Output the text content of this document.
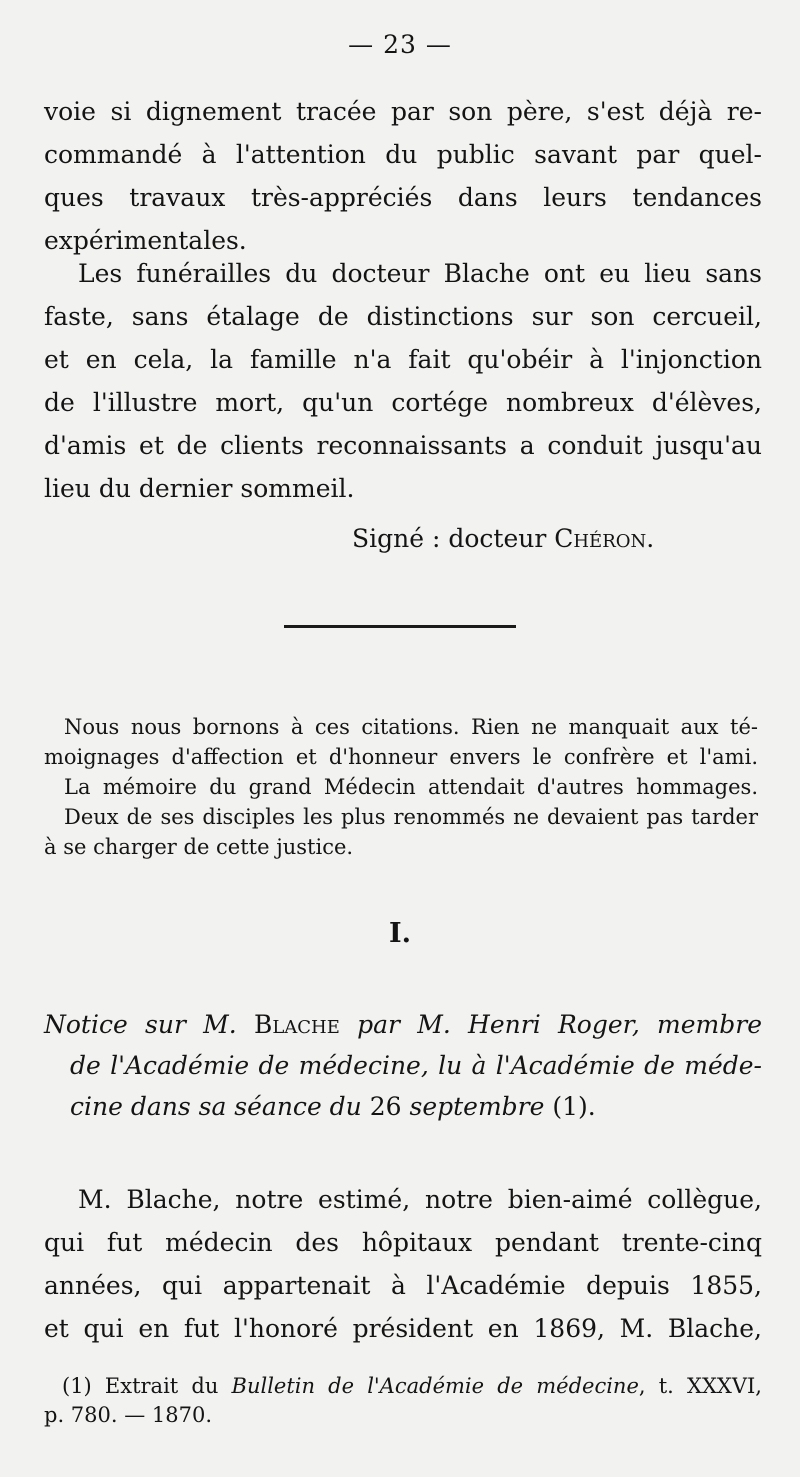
— 23 —
voie si dignement tracée par son père, s'est déjà re-
commandé à l'attention du public savant par quel-
ques travaux très-appréciés dans leurs tendances
expérimentales.
Les funérailles du docteur Blache ont eu lieu sans
faste, sans étalage de distinctions sur son cercueil,
et en cela, la famille n'a fait qu'obéir à l'injonction
de l'illustre mort, qu'un cortége nombreux d'élèves,
d'amis et de clients reconnaissants a conduit jusqu'au
lieu du dernier sommeil.
Signé : docteur Chéron.
Nous nous bornons à ces citations. Rien ne manquait aux té-
moignages d'affection et d'honneur envers le confrère et l'ami.
La mémoire du grand Médecin attendait d'autres hommages.
Deux de ses disciples les plus renommés ne devaient pas tarder
à se charger de cette justice.
I.
Notice sur M. Blache par M. Henri Roger, membre
de l'Académie de médecine, lu à l'Académie de méde-
cine dans sa séance du 26 septembre (1).
M. Blache, notre estimé, notre bien-aimé collègue,
qui fut médecin des hôpitaux pendant trente-cinq
années, qui appartenait à l'Académie depuis 1855,
et qui en fut l'honoré président en 1869, M. Blache,
(1) Extrait du Bulletin de l'Académie de médecine, t. XXXVI,
p. 780. — 1870.
